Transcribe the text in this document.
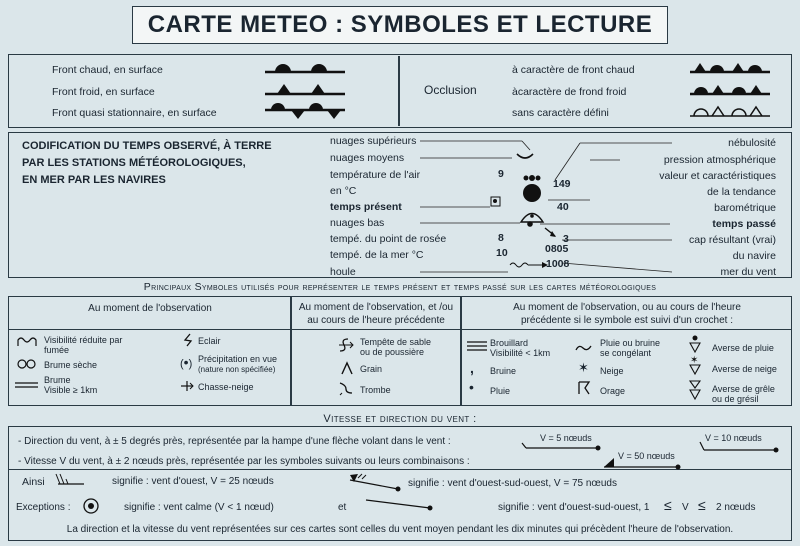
CARTE METEO : SYMBOLES ET LECTURE
Front chaud, en surface
Front froid, en surface
Front quasi stationnaire, en surface
Occlusion
à caractère de front chaud
àcaractère de frond froid
sans caractère défini
CODIFICATION DU TEMPS OBSERVÉ, À TERRE
PAR LES STATIONS MÉTÉOROLOGIQUES,
EN MER PAR LES NAVIRES
nuages supérieurs
nuages moyens
température de l'air
en °C
temps présent
nuages bas
tempé. du point de rosée
tempé. de la mer °C
houle
nébulosité
pression atmosphérique
valeur et caractéristiques
de la tendance
barométrique
temps passé
cap résultant (vrai)
du navire
mer du vent
9
149
40
8
10
3
0805
1008
Principaux Symboles utilisés pour représenter le temps présent et temps passé sur les cartes météorologiques
Au moment de l'observation	Au moment de l'observation, et /ou
au cours de l'heure précédente
Au moment de l'observation, ou au cours de l'heure
précédente si le symbole est suivi d'un crochet :
Visibilité réduite par
fumée
Brume sèche
Brume
Visible ≥ 1km
Eclair
(•) Précipitation en vue
(nature non spécifiée)
Chasse-neige
Tempête de sable
ou de poussière
Grain
Trombe
Brouillard
Visibilité < 1km
, Bruine
• Pluie
Pluie ou bruine
se congélant
✶ Neige
Orage
Averse de pluie
✶
Averse de neige
Averse de grêle
ou de grésil
Vitesse et direction du vent :
- Direction du vent, à ± 5 degrés près, représentée par la hampe d'une flèche volant dans le vent :
- Vitesse V du vent, à ± 2 nœuds près, représentée par les symboles suivants ou leurs combinaisons :
V = 5 nœuds	V = 10 nœuds
V = 50 nœuds
Ainsi	signifie : vent d'ouest, V = 25 nœuds	signifie : vent d'ouest-sud-ouest, V = 75 nœuds
Exceptions :	signifie : vent calme (V < 1 nœud)	et	signifie : vent d'ouest-sud-ouest, 1 ≤ V ≤ 2 nœuds
La direction et la vitesse du vent représentées sur ces cartes sont celles du vent moyen pendant les dix minutes qui précèdent l'heure de l'observation.
